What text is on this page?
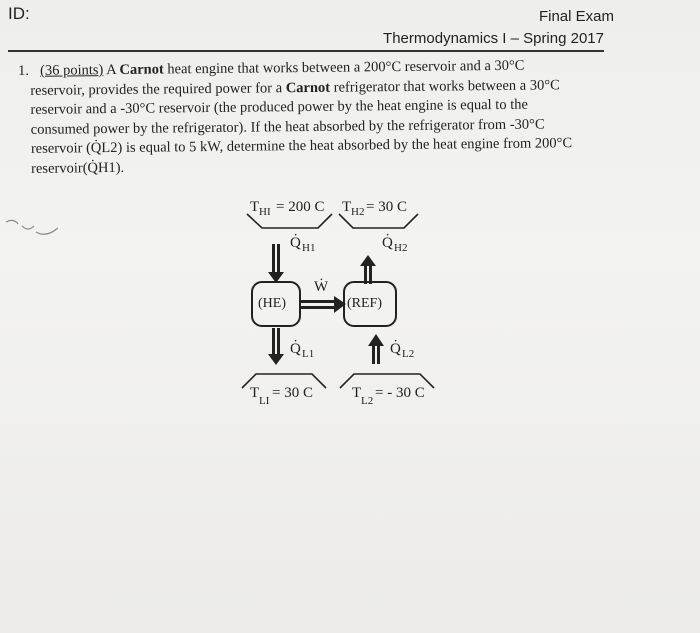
ID:	Final Exam
Thermodynamics I – Spring 2017
1. (36 points) A Carnot heat engine that works between a 200°C reservoir and a 30°C
reservoir, provides the required power for a Carnot refrigerator that works between a 30°C
reservoir and a -30°C reservoir (the produced power by the heat engine is equal to the
consumed power by the refrigerator). If the heat absorbed by the refrigerator from -30°C
reservoir (Q̇L2) is equal to 5 kW, determine the heat absorbed by the heat engine from 200°C
reservoir(Q̇H1).
T HI = 200 C T H2 = 30 C
Q̇ H1	Q̇ H2
Ẇ
(HE)	(REF)
Q̇ L1	Q̇ L2
T LI = 30 C	T L2 = - 30 C
